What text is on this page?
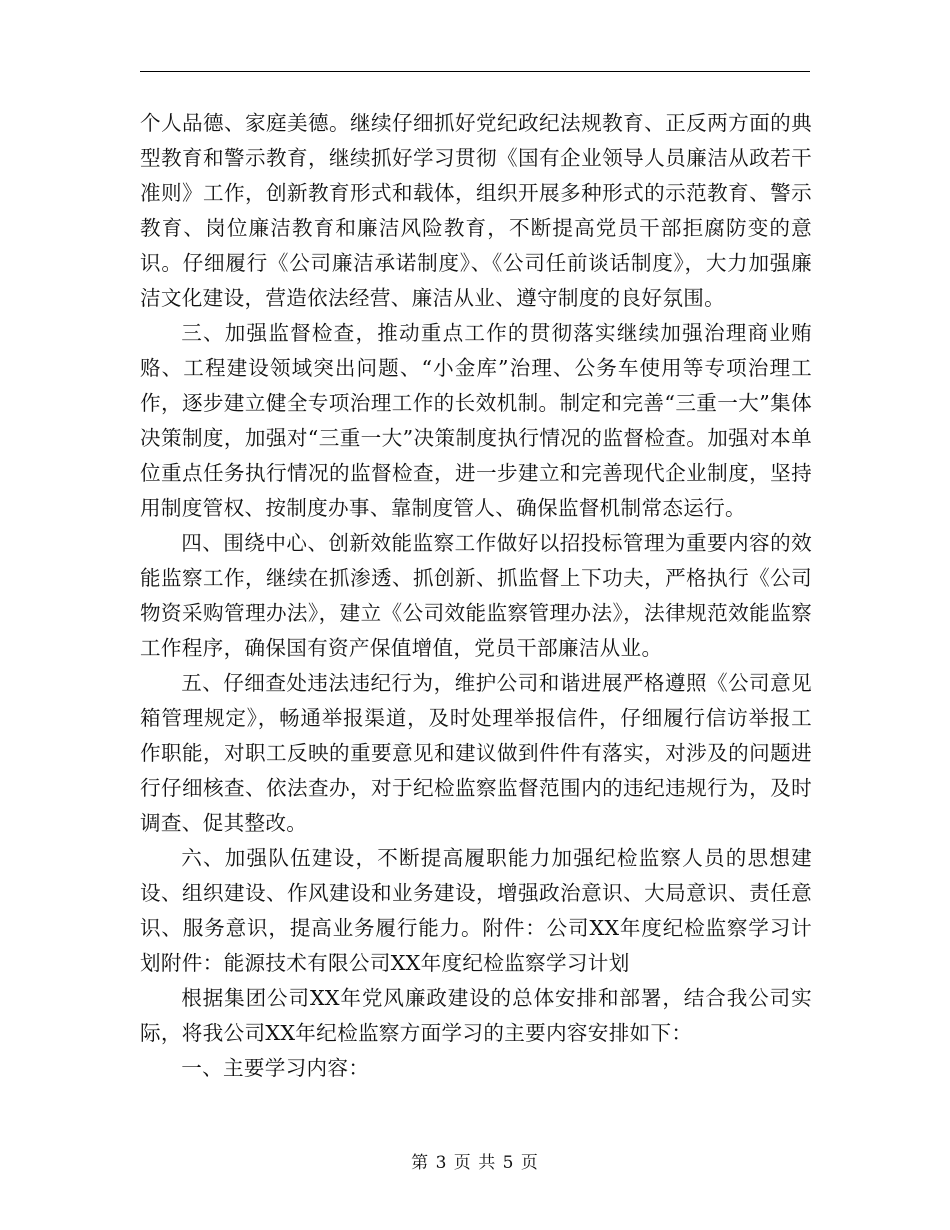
个人品德、家庭美德。继续仔细抓好党纪政纪法规教育、正反两方面的典型教育和警示教育，继续抓好学习贯彻《国有企业领导人员廉洁从政若干准则》工作，创新教育形式和载体，组织开展多种形式的示范教育、警示教育、岗位廉洁教育和廉洁风险教育，不断提高党员干部拒腐防变的意识。仔细履行《公司廉洁承诺制度》、《公司任前谈话制度》，大力加强廉洁文化建设，营造依法经营、廉洁从业、遵守制度的良好氛围。

三、加强监督检查，推动重点工作的贯彻落实继续加强治理商业贿赂、工程建设领域突出问题、“小金库”治理、公务车使用等专项治理工作，逐步建立健全专项治理工作的长效机制。制定和完善“三重一大”集体决策制度，加强对“三重一大”决策制度执行情况的监督检查。加强对本单位重点任务执行情况的监督检查，进一步建立和完善现代企业制度，坚持用制度管权、按制度办事、靠制度管人、确保监督机制常态运行。

四、围绕中心、创新效能监察工作做好以招投标管理为重要内容的效能监察工作，继续在抓渗透、抓创新、抓监督上下功夫，严格执行《公司物资采购管理办法》，建立《公司效能监察管理办法》，法律规范效能监察工作程序，确保国有资产保值增值，党员干部廉洁从业。

五、仔细查处违法违纪行为，维护公司和谐进展严格遵照《公司意见箱管理规定》，畅通举报渠道，及时处理举报信件，仔细履行信访举报工作职能，对职工反映的重要意见和建议做到件件有落实，对涉及的问题进行仔细核查、依法查办，对于纪检监察监督范围内的违纪违规行为，及时调查、促其整改。

六、加强队伍建设，不断提高履职能力加强纪检监察人员的思想建设、组织建设、作风建设和业务建设，增强政治意识、大局意识、责任意识、服务意识，提高业务履行能力。附件：公司XX年度纪检监察学习计划附件：能源技术有限公司XX年度纪检监察学习计划

根据集团公司XX年党风廉政建设的总体安排和部署，结合我公司实际，将我公司XX年纪检监察方面学习的主要内容安排如下：

一、主要学习内容：

第 3 页 共 5 页
